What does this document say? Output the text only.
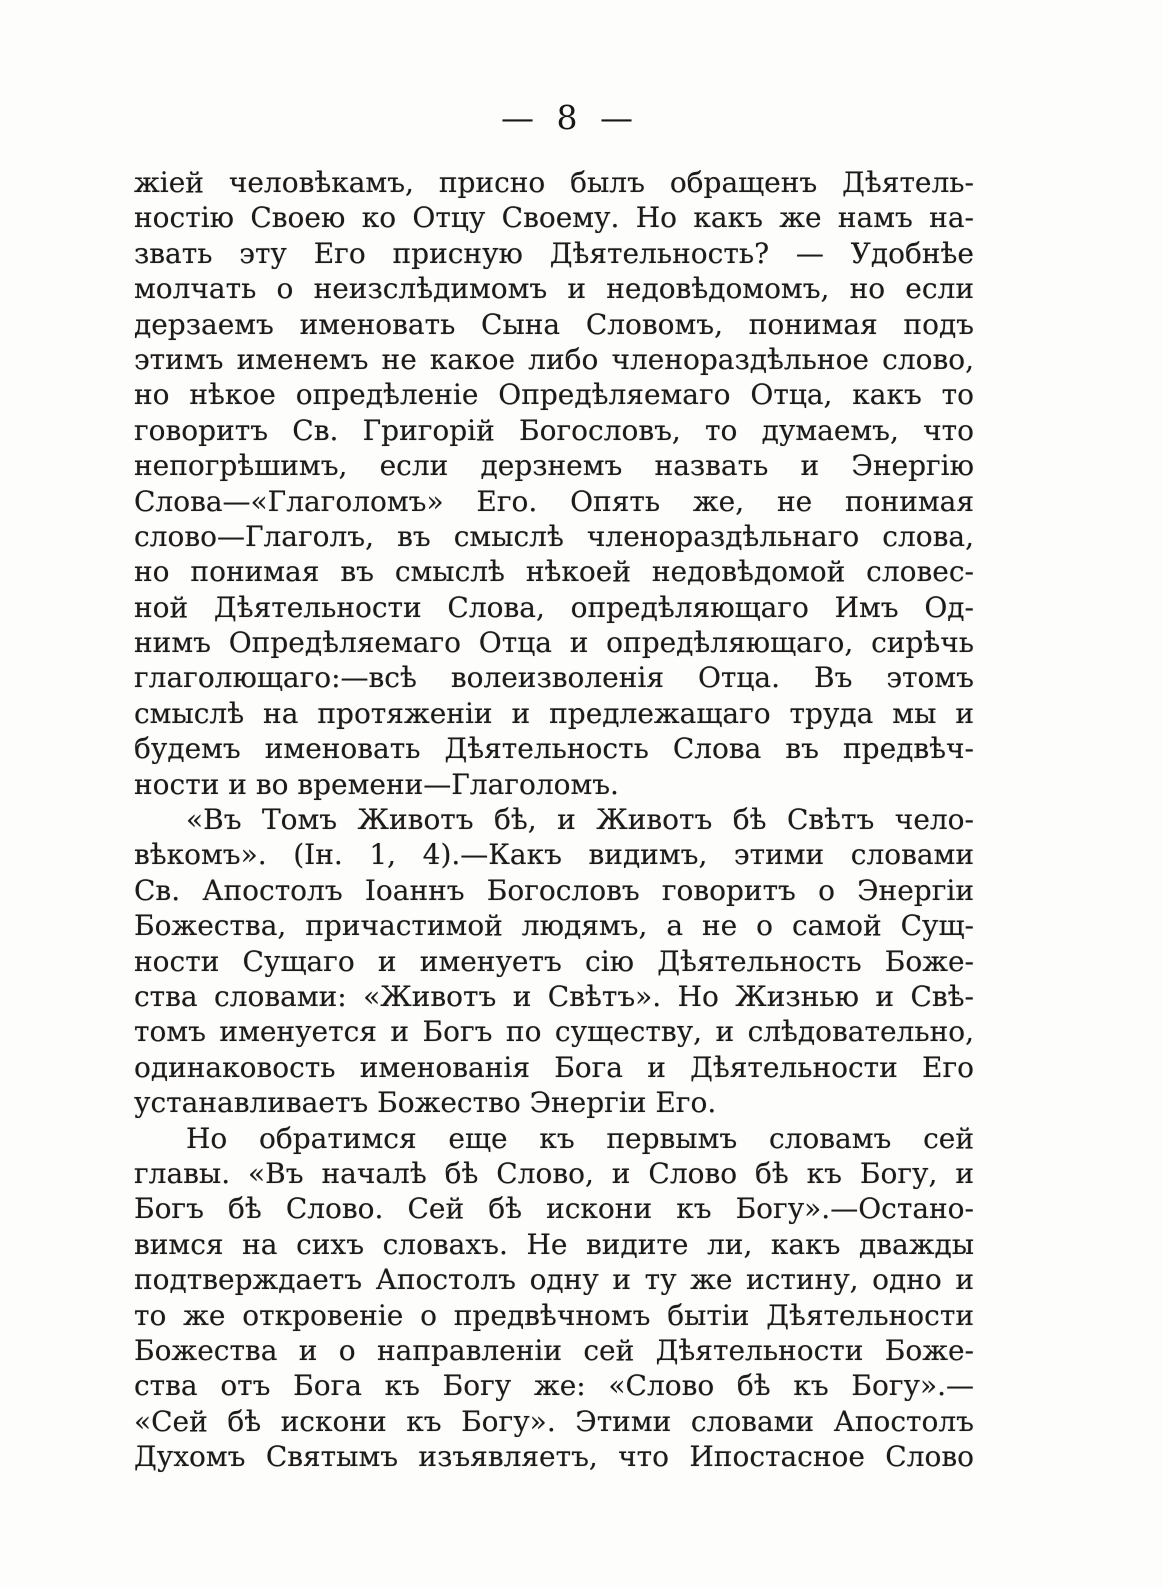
— 8 —
жіей человѣкамъ, присно былъ обращенъ Дѣятель-
ностію Своею ко Отцу Своему. Но какъ же намъ на-
звать эту Его присную Дѣятельность? — Удобнѣе
молчать о неизслѣдимомъ и недовѣдомомъ, но если
дерзаемъ именовать Сына Словомъ, понимая подъ
этимъ именемъ не какое либо членораздѣльное слово,
но нѣкое опредѣленіе Опредѣляемаго Отца, какъ то
говоритъ Св. Григорій Богословъ, то думаемъ, что
непогрѣшимъ, если дерзнемъ назвать и Энергію
Слова—«Глаголомъ» Его. Опять же, не понимая
слово—Глаголъ, въ смыслѣ членораздѣльнаго слова,
но понимая въ смыслѣ нѣкоей недовѣдомой словес-
ной Дѣятельности Слова, опредѣляющаго Имъ Од-
нимъ Опредѣляемаго Отца и опредѣляющаго, сирѣчь
глаголющаго:—всѣ волеизволенія Отца. Въ этомъ
смыслѣ на протяженіи и предлежащаго труда мы и
будемъ именовать Дѣятельность Слова въ предвѣч-
ности и во времени—Глаголомъ.
«Въ Томъ Животъ бѣ, и Животъ бѣ Свѣтъ чело-
вѣкомъ». (Ін. 1, 4).—Какъ видимъ, этими словами
Св. Апостолъ Іоаннъ Богословъ говоритъ о Энергіи
Божества, причастимой людямъ, а не о самой Сущ-
ности Сущаго и именуетъ сію Дѣятельность Боже-
ства словами: «Животъ и Свѣтъ». Но Жизнью и Свѣ-
томъ именуется и Богъ по существу, и слѣдовательно,
одинаковость именованія Бога и Дѣятельности Его
устанавливаетъ Божество Энергіи Его.
Но обратимся еще къ первымъ словамъ сей
главы. «Въ началѣ бѣ Слово, и Слово бѣ къ Богу, и
Богъ бѣ Слово. Сей бѣ искони къ Богу».—Остано-
вимся на сихъ словахъ. Не видите ли, какъ дважды
подтверждаетъ Апостолъ одну и ту же истину, одно и
то же откровеніе о предвѣчномъ бытіи Дѣятельности
Божества и о направленіи сей Дѣятельности Боже-
ства отъ Бога къ Богу же: «Слово бѣ къ Богу».—
«Сей бѣ искони къ Богу». Этими словами Апостолъ
Духомъ Святымъ изъявляетъ, что Ипостасное Слово
